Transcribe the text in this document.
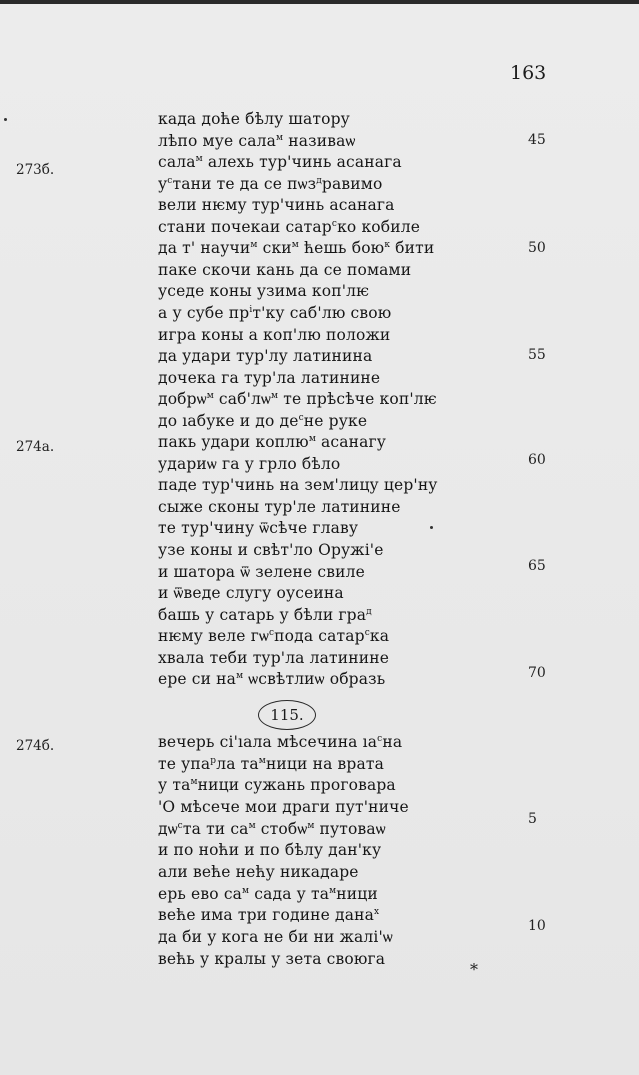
163
273б.
274а.
274б.
45
50
55
60
65
70
5
10
када доће бѣлу шатору
лѣпо муе сала$^м$ називаѡ
сала$^м$ алехь тур'чинь асанага
$у^стани$ те да се пѡз$^д$равимо
вели нѥму тур'чинь асанага
стани почекаи сатар$^с$ко кобиле
да т' научи$^м$ ски$^м$ ћешь бою$^к$ бити
паке скочи кань да се помами
уседе коны узима коп'лѥ
а у субе $пр^іт'ку$ саб'лю свою
игра коны а коп'лю положи
да удари тур'лу латинина
дочека га тур'ла латинине
добрѡ$^м$ $саб'лѡ^м$ те прѣсѣче коп'лѥ
до ıабуке и до $де^сне$ руке
пакь удари коплю$^м$ асанагу
удариѡ га у грло бѣло
паде тур'чинь на зем'лицу цер'ну
сыже сконы тур'ле латинине
те тур'чину ѿсѣче главу
узе коны и свѣт'ло Оружі'е
и шатора ѿ зелене свиле
и ѿведе слугу оусеина
башь у сатарь у бѣли гра$^д$
нѥму веле $гѡ^спода$ сатар$^с$ка
хвала теби тур'ла латинине
ере си $на^м$ ѡсвѣтлиѡ образь
вечерь сі'ıала мѣсечина $ıа^сна$
те упа$^р$ла $та^мници$ на врата
у $та^мници$ сужань проговара
'О мѣсече мои драги пут'ниче
$дѡ^ста$ ти $са^м$ стобѡ$^м$ путоваѡ
и по ноћи и по бѣлу дан'ку
али веће нећу никадаре
ерь ево $са^м$ сада у $та^мници$
веће има три године дана$^х$
да би у кога не би ни жалі'ѡ
већь у кралы у зета своюга
115.
*
